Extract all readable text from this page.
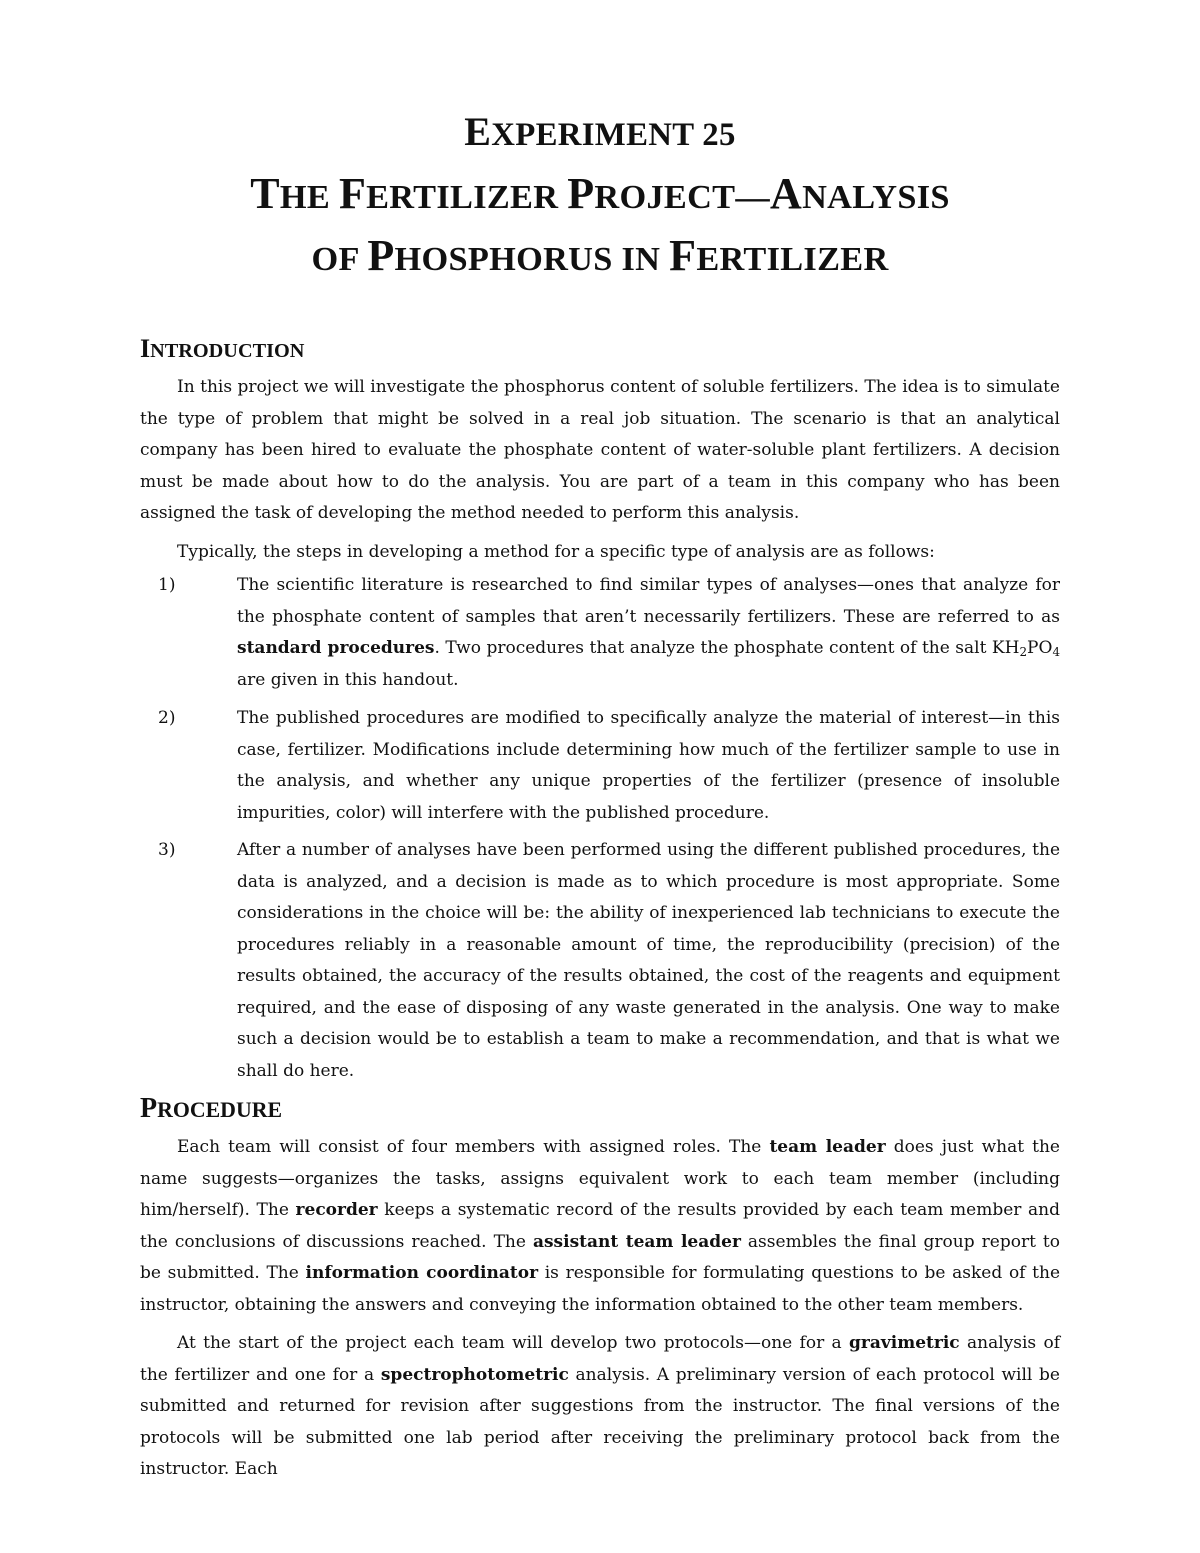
EXPERIMENT 25
THE FERTILIZER PROJECT—ANALYSIS
OF PHOSPHORUS IN FERTILIZER
INTRODUCTION
In this project we will investigate the phosphorus content of soluble fertilizers. The idea is to simulate the type of problem that might be solved in a real job situation. The scenario is that an analytical company has been hired to evaluate the phosphate content of water-soluble plant fertilizers. A decision must be made about how to do the analysis. You are part of a team in this company who has been assigned the task of developing the method needed to perform this analysis.
Typically, the steps in developing a method for a specific type of analysis are as follows:
1)	The scientific literature is researched to find similar types of analyses—ones that analyze for the phosphate content of samples that aren’t necessarily fertilizers. These are referred to as standard procedures. Two procedures that analyze the phosphate content of the salt $KH_2PO_4$ are given in this handout.
2)	The published procedures are modified to specifically analyze the material of interest—in this case, fertilizer. Modifications include determining how much of the fertilizer sample to use in the analysis, and whether any unique properties of the fertilizer (presence of insoluble impurities, color) will interfere with the published procedure.
3)	After a number of analyses have been performed using the different published procedures, the data is analyzed, and a decision is made as to which procedure is most appropriate. Some considerations in the choice will be: the ability of inexperienced lab technicians to execute the procedures reliably in a reasonable amount of time, the reproducibility (precision) of the results obtained, the accuracy of the results obtained, the cost of the reagents and equipment required, and the ease of disposing of any waste generated in the analysis. One way to make such a decision would be to establish a team to make a recommendation, and that is what we shall do here.
PROCEDURE
Each team will consist of four members with assigned roles. The team leader does just what the name suggests—organizes the tasks, assigns equivalent work to each team member (including him/herself). The recorder keeps a systematic record of the results provided by each team member and the conclusions of discussions reached. The assistant team leader assembles the final group report to be submitted. The information coordinator is responsible for formulating questions to be asked of the instructor, obtaining the answers and conveying the information obtained to the other team members.
At the start of the project each team will develop two protocols—one for a gravimetric analysis of the fertilizer and one for a spectrophotometric analysis. A preliminary version of each protocol will be submitted and returned for revision after suggestions from the instructor. The final versions of the protocols will be submitted one lab period after receiving the preliminary protocol back from the instructor. Each
